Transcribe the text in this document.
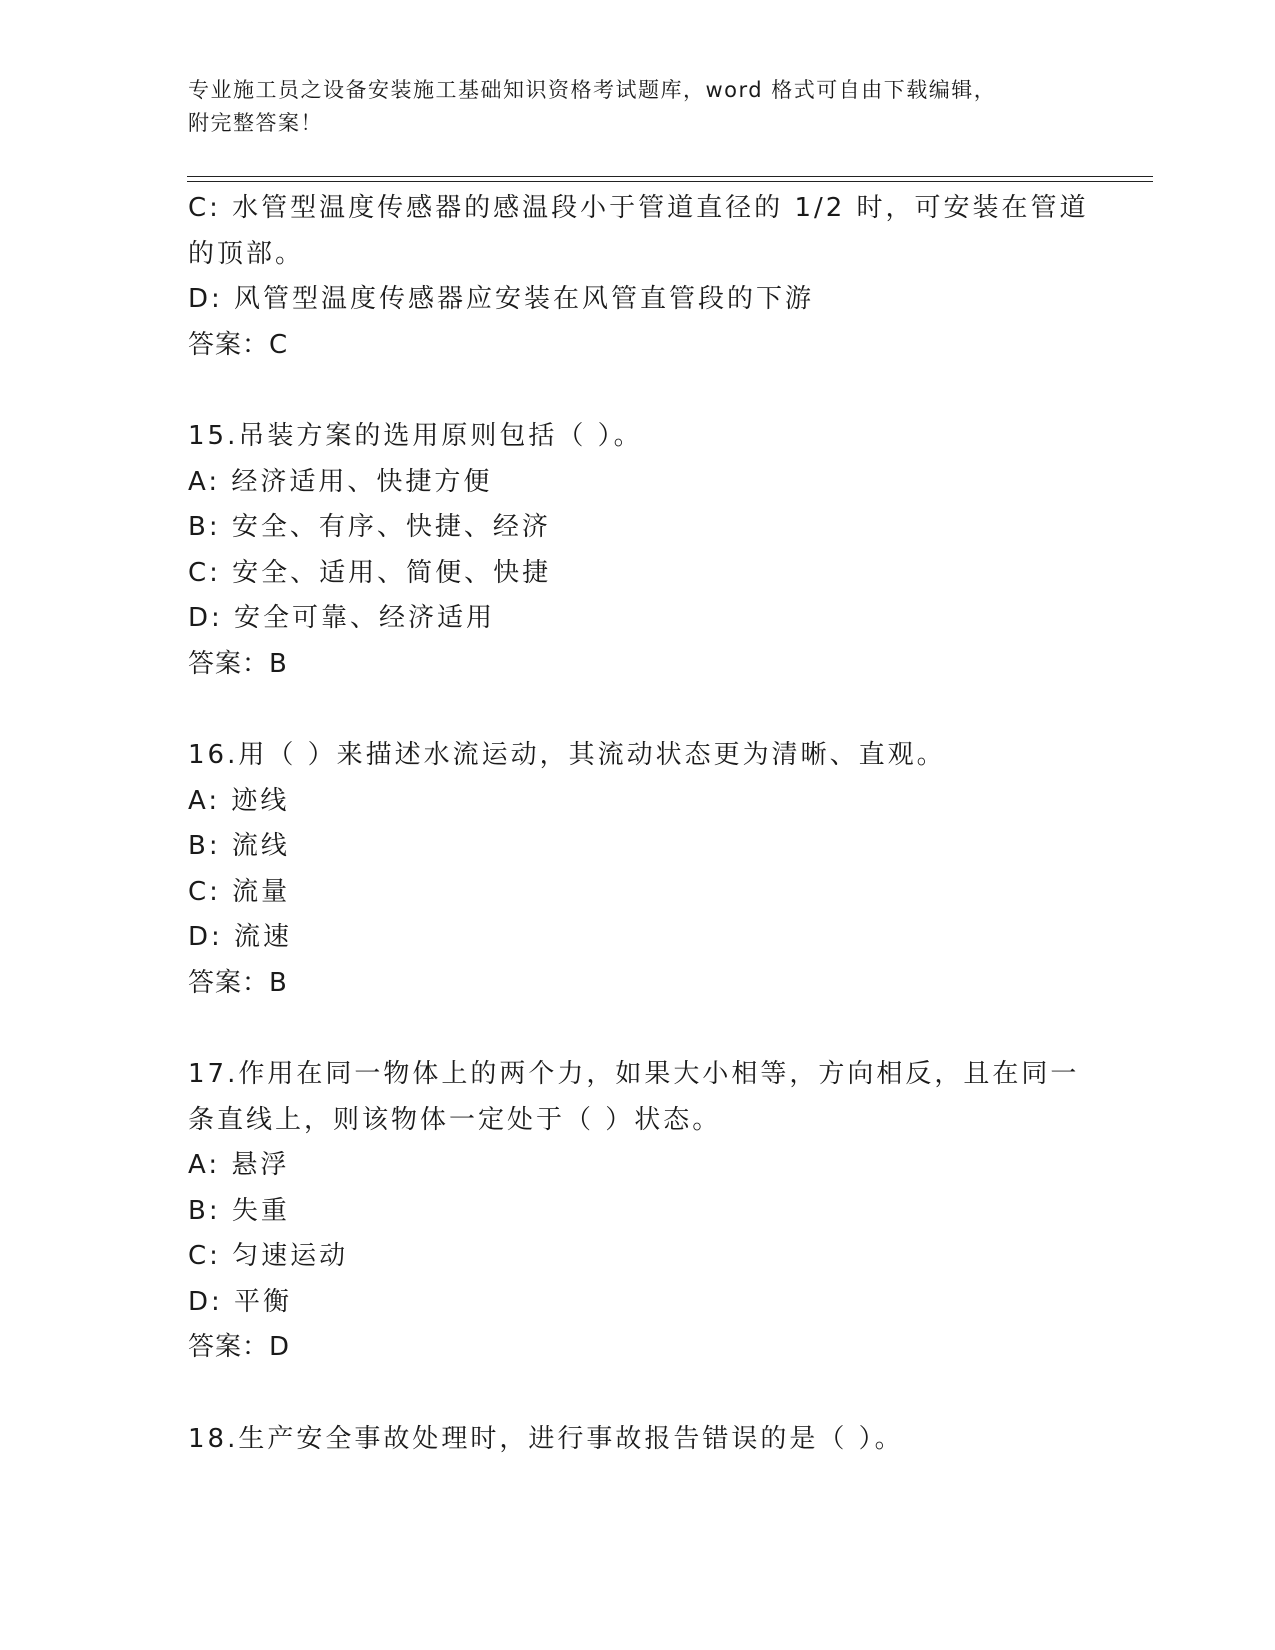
专业施工员之设备安装施工基础知识资格考试题库，word 格式可自由下载编辑，
附完整答案！
C: 水管型温度传感器的感温段小于管道直径的 1/2 时，可安装在管道
的顶部。
D: 风管型温度传感器应安装在风管直管段的下游
答案：C
15.吊装方案的选用原则包括（ ）。
A: 经济适用、快捷方便
B: 安全、有序、快捷、经济
C: 安全、适用、简便、快捷
D: 安全可靠、经济适用
答案：B
16.用（ ）来描述水流运动，其流动状态更为清晰、直观。
A: 迹线
B: 流线
C: 流量
D: 流速
答案：B
17.作用在同一物体上的两个力，如果大小相等，方向相反，且在同一
条直线上，则该物体一定处于（ ）状态。
A: 悬浮
B: 失重
C: 匀速运动
D: 平衡
答案：D
18.生产安全事故处理时，进行事故报告错误的是（ ）。
